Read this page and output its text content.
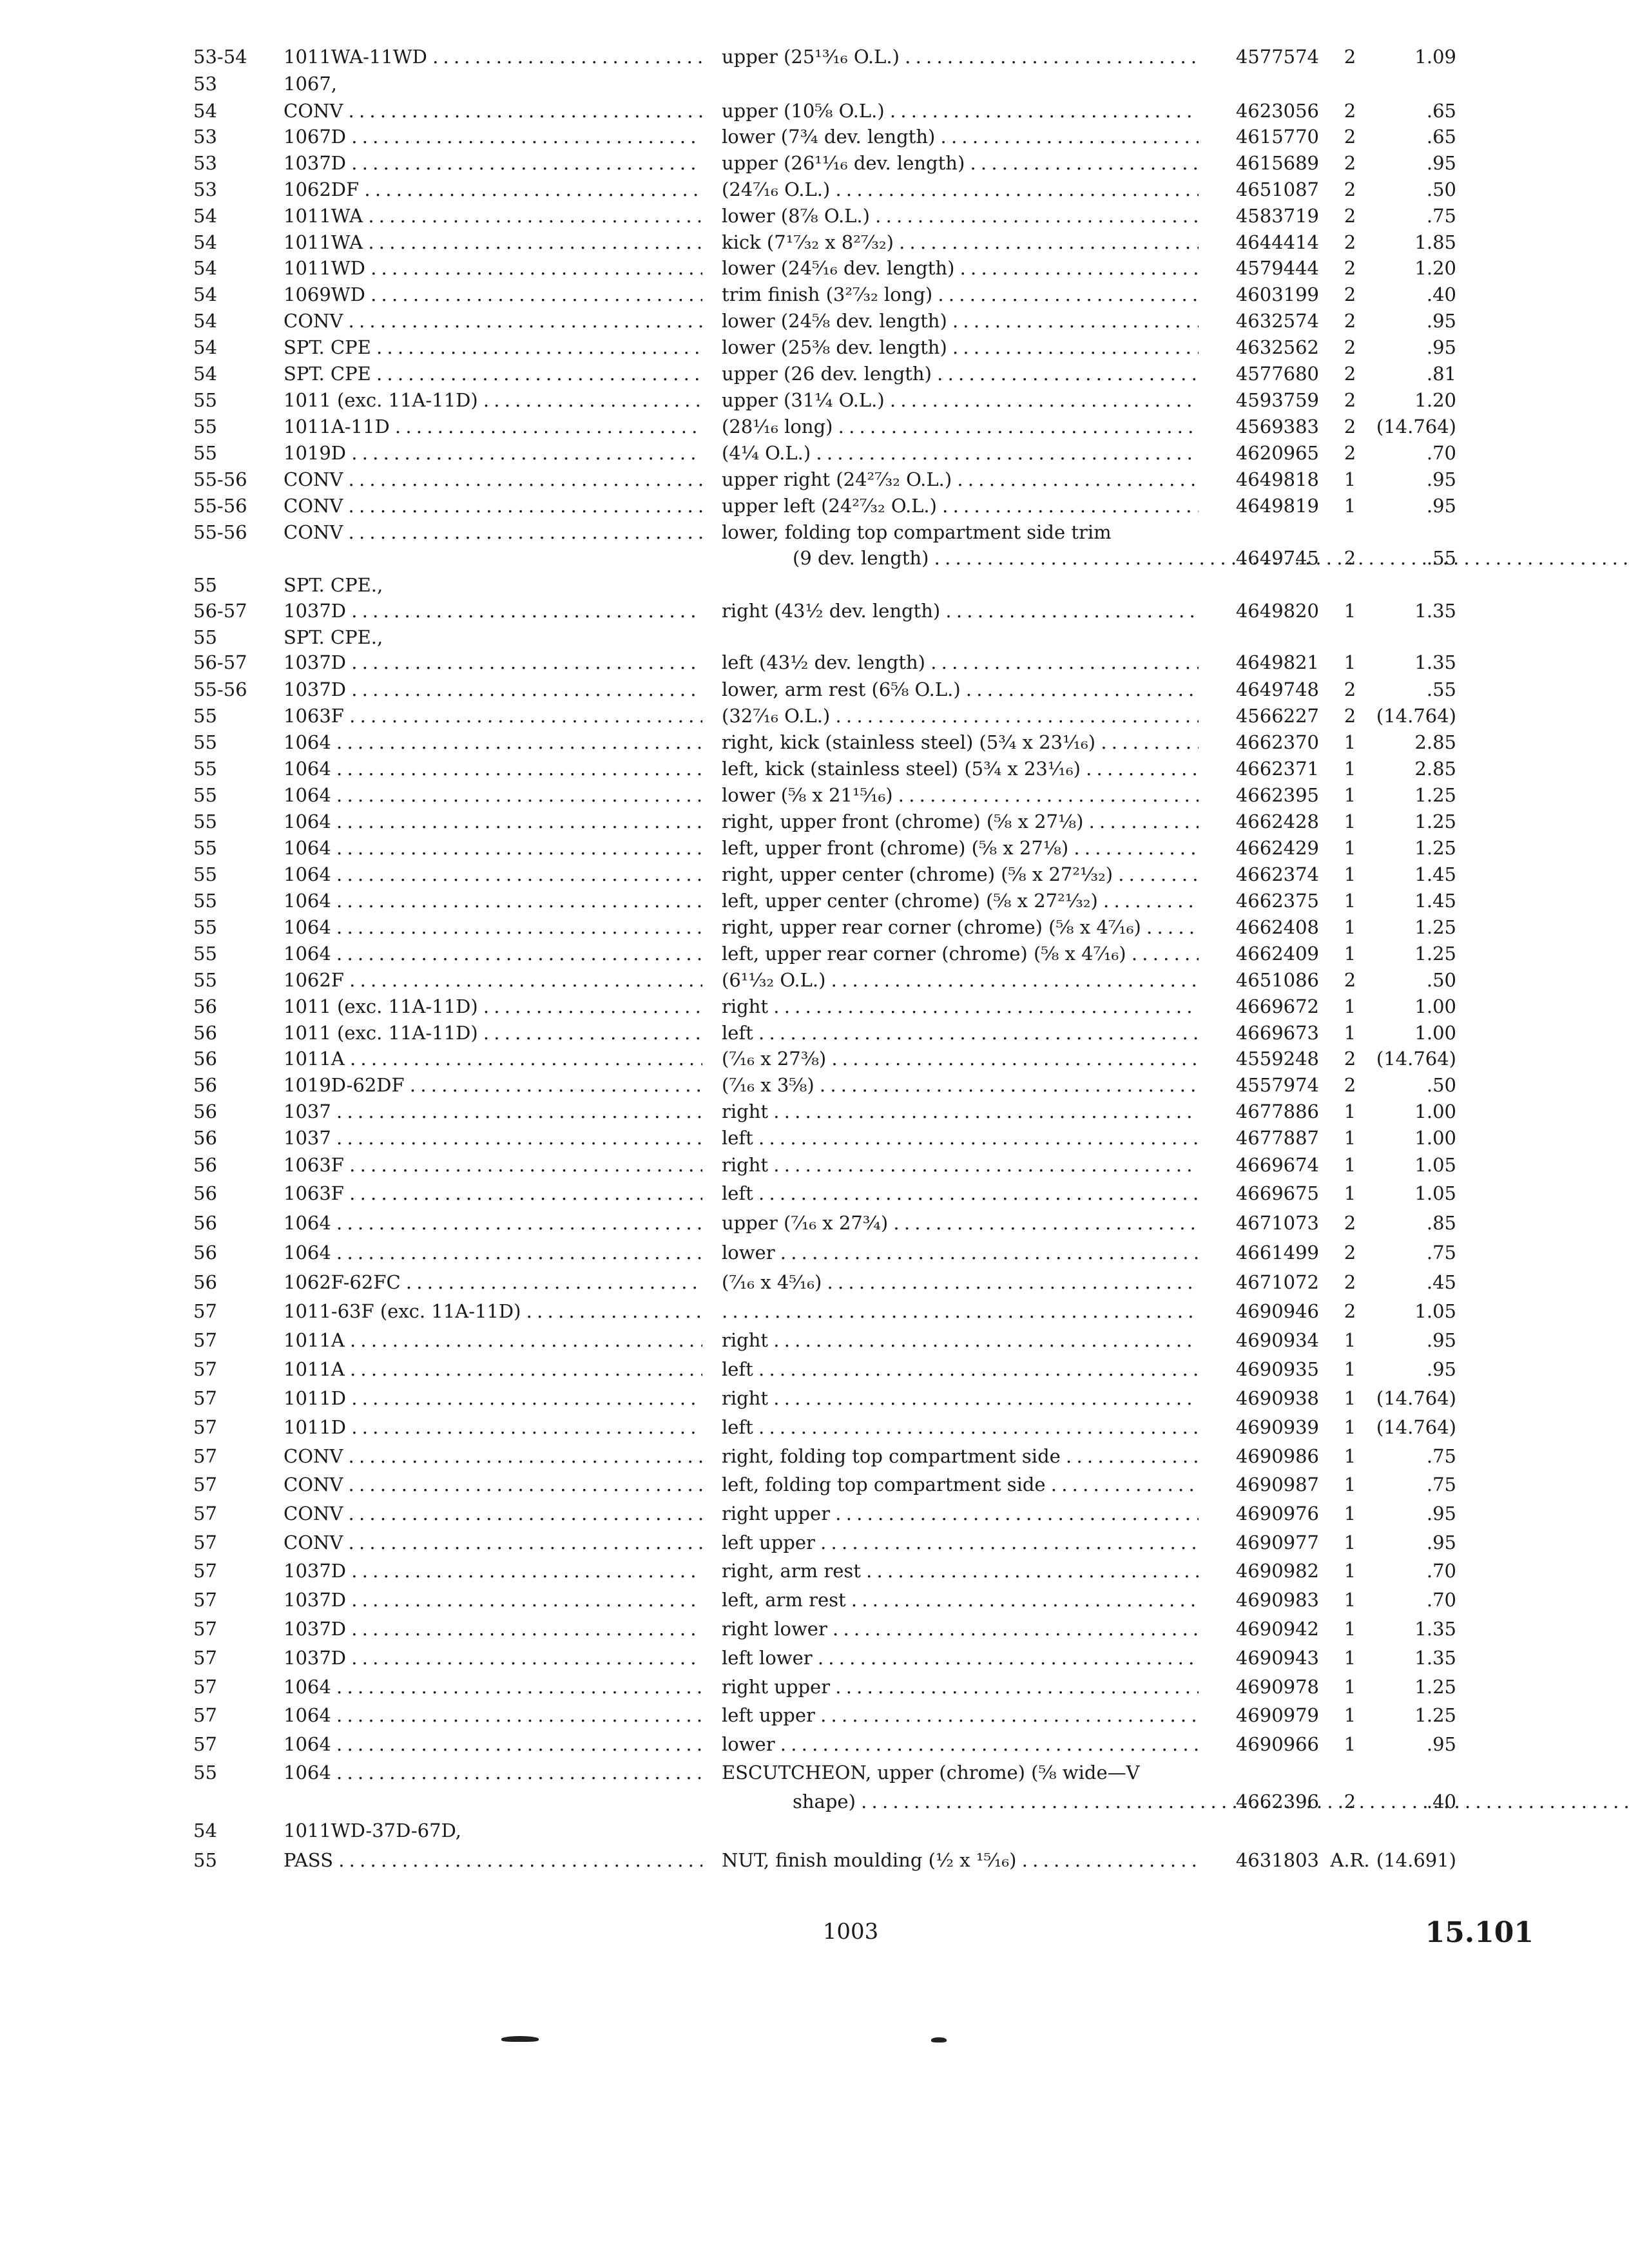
53-54	1011WA-11WD . . .	upper (25¹³⁄₁₆ O.L.) . . .	4577574	2	1.09
53	1067,
54	CONV . . .	upper (10⁵⁄₈ O.L.) . . .	4623056	2	.65
53	1067D . . .	lower (7³⁄₄ dev. length) . . .	4615770	2	.65
53	1037D . . .	upper (26¹¹⁄₁₆ dev. length) . . .	4615689	2	.95
53	1062DF . . .	(24⁷⁄₁₆ O.L.) . . .	4651087	2	.50
54	1011WA . . .	lower (8⁷⁄₈ O.L.) . . .	4583719	2	.75
54	1011WA . . .	kick (7¹⁷⁄₃₂ x 8²⁷⁄₃₂) . . .	4644414	2	1.85
54	1011WD . . .	lower (24⁵⁄₁₆ dev. length) . . .	4579444	2	1.20
54	1069WD . . .	trim finish (3²⁷⁄₃₂ long) . . .	4603199	2	.40
54	CONV . . .	lower (24⁵⁄₈ dev. length) . . .	4632574	2	.95
54	SPT. CPE . . .	lower (25³⁄₈ dev. length) . . .	4632562	2	.95
54	SPT. CPE . . .	upper (26 dev. length) . . .	4577680	2	.81
55	1011 (exc. 11A-11D) . . .	upper (31¹⁄₄ O.L.) . . .	4593759	2	1.20
55	1011A-11D . . .	(28¹⁄₁₆ long) . . .	4569383	2	(14.764)
55	1019D . . .	(4¹⁄₄ O.L.) . . .	4620965	2	.70
55-56	CONV . . .	upper right (24²⁷⁄₃₂ O.L.) . . .	4649818	1	.95
55-56	CONV . . .	upper left (24²⁷⁄₃₂ O.L.) . . .	4649819	1	.95
55-56	CONV . . .	lower, folding top compartment side trim
(9 dev. length) . . .	4649745	2	.55
55	SPT. CPE.,
56-57	1037D . . .	right (43¹⁄₂ dev. length) . . .	4649820	1	1.35
55	SPT. CPE.,
56-57	1037D . . .	left (43¹⁄₂ dev. length) . . .	4649821	1	1.35
55-56	1037D . . .	lower, arm rest (6⁵⁄₈ O.L.) . . .	4649748	2	.55
55	1063F . . .	(32⁷⁄₁₆ O.L.) . . .	4566227	2	(14.764)
55	1064 . . .	right, kick (stainless steel) (5³⁄₄ x 23¹⁄₁₆) . . .	4662370	1	2.85
55	1064 . . .	left, kick (stainless steel) (5³⁄₄ x 23¹⁄₁₆) . . .	4662371	1	2.85
55	1064 . . .	lower (⁵⁄₈ x 21¹⁵⁄₁₆) . . .	4662395	1	1.25
55	1064 . . .	right, upper front (chrome) (⁵⁄₈ x 27¹⁄₈) . . .	4662428	1	1.25
55	1064 . . .	left, upper front (chrome) (⁵⁄₈ x 27¹⁄₈) . . .	4662429	1	1.25
55	1064 . . .	right, upper center (chrome) (⁵⁄₈ x 27²¹⁄₃₂) . . .	4662374	1	1.45
55	1064 . . .	left, upper center (chrome) (⁵⁄₈ x 27²¹⁄₃₂) . . .	4662375	1	1.45
55	1064 . . .	right, upper rear corner (chrome) (⁵⁄₈ x 4⁷⁄₁₆) . . .	4662408	1	1.25
55	1064 . . .	left, upper rear corner (chrome) (⁵⁄₈ x 4⁷⁄₁₆) . . .	4662409	1	1.25
55	1062F . . .	(6¹¹⁄₃₂ O.L.) . . .	4651086	2	.50
56	1011 (exc. 11A-11D) . . .	right . . .	4669672	1	1.00
56	1011 (exc. 11A-11D) . . .	left . . .	4669673	1	1.00
56	1011A . . .	(⁷⁄₁₆ x 27³⁄₈) . . .	4559248	2	(14.764)
56	1019D-62DF . . .	(⁷⁄₁₆ x 3⁵⁄₈) . . .	4557974	2	.50
56	1037 . . .	right . . .	4677886	1	1.00
56	1037 . . .	left . . .	4677887	1	1.00
56	1063F . . .	right . . .	4669674	1	1.05
56	1063F . . .	left . . .	4669675	1	1.05
56	1064 . . .	upper (⁷⁄₁₆ x 27³⁄₄) . . .	4671073	2	.85
56	1064 . . .	lower . . .	4661499	2	.75
56	1062F-62FC . . .	(⁷⁄₁₆ x 4⁵⁄₁₆) . . .	4671072	2	.45
57	1011-63F (exc. 11A-11D) . . .
. . .	4690946	2	1.05
57	1011A . . .	right . . .	4690934	1	.95
57	1011A . . .	left . . .	4690935	1	.95
57	1011D . . .	right . . .	4690938	1	(14.764)
57	1011D . . .	left . . .	4690939	1	(14.764)
57	CONV . . .	right, folding top compartment side . . .	4690986	1	.75
57	CONV . . .	left, folding top compartment side . . .	4690987	1	.75
57	CONV . . .	right upper . . .	4690976	1	.95
57	CONV . . .	left upper . . .	4690977	1	.95
57	1037D . . .	right, arm rest . . .	4690982	1	.70
57	1037D . . .	left, arm rest . . .	4690983	1	.70
57	1037D . . .	right lower . . .	4690942	1	1.35
57	1037D . . .	left lower . . .	4690943	1	1.35
57	1064 . . .	right upper . . .	4690978	1	1.25
57	1064 . . .	left upper . . .	4690979	1	1.25
57	1064 . . .	lower . . .	4690966	1	.95
55	1064 . . .	ESCUTCHEON, upper (chrome) (⁵⁄₈ wide—V
shape) . . .	4662396	2	.40
54	1011WD-37D-67D,
55	PASS . . .	NUT, finish moulding (¹⁄₂ x ¹⁵⁄₁₆) . . .	4631803 A.R. (14.691)
1003	15.101
